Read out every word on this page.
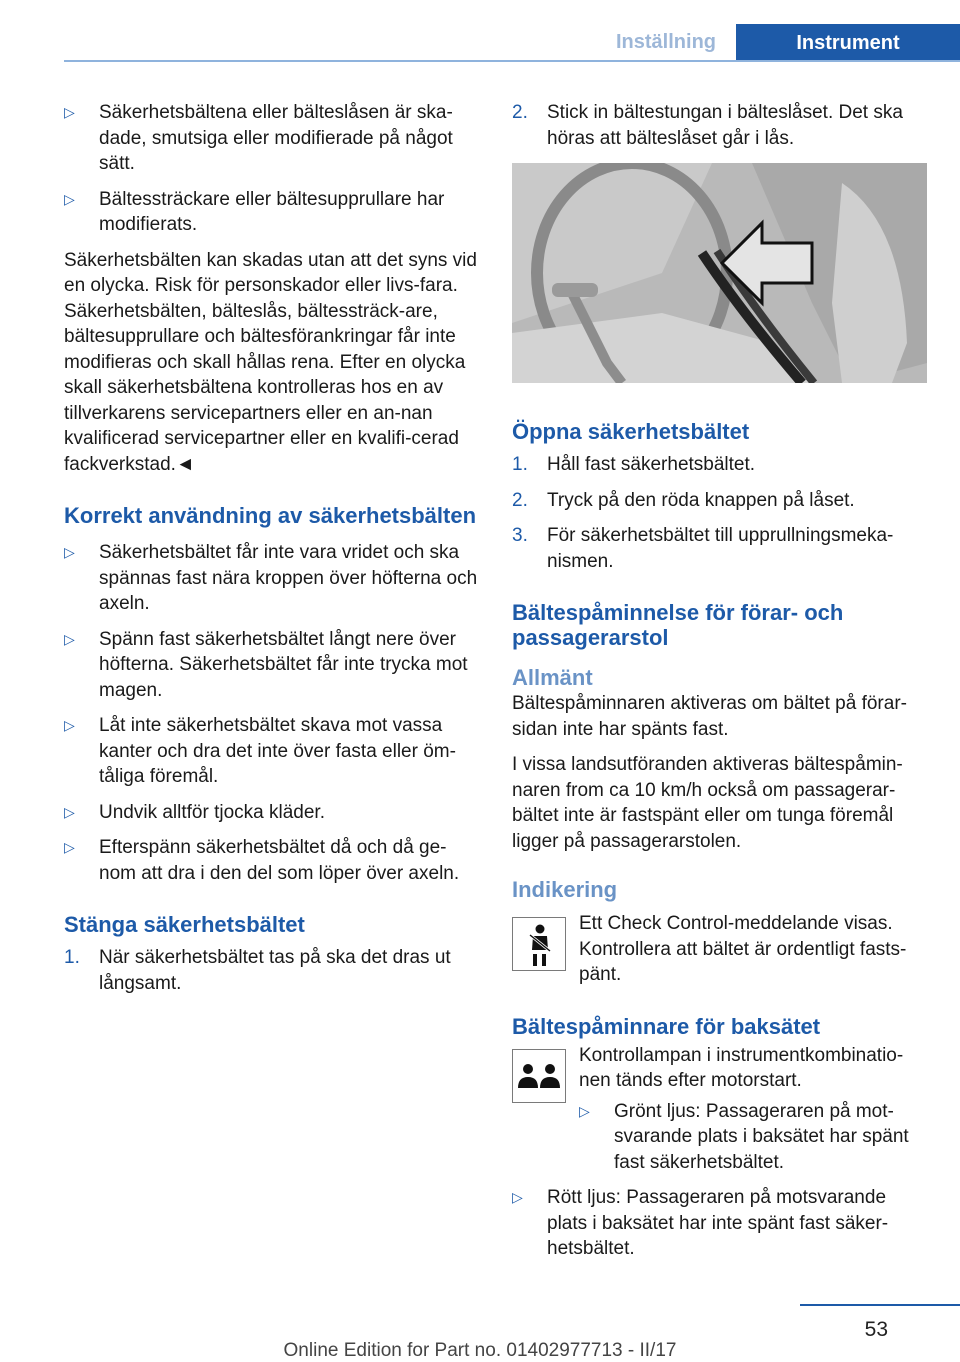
Inställning	Instrument
▷ Säkerhetsbältena eller bälteslåsen är ska-dade, smutsiga eller modifierade på något sätt.
▷ Bältessträckare eller bältesupprullare har modifierats.

Säkerhetsbälten kan skadas utan att det syns vid en olycka. Risk för personskador eller livs-fara. Säkerhetsbälten, bälteslås, bältessträck-are, bältesupprullare och bältesförankringar får inte modifieras och skall hållas rena. Efter en olycka skall säkerhetsbältena kontrolleras hos en av tillverkarens servicepartners eller en an-nan kvalificerad servicepartner eller en kvalifi-cerad fackverkstad.◄

Korrekt användning av säkerhetsbälten
▷ Säkerhetsbältet får inte vara vridet och ska spännas fast nära kroppen över höfterna och axeln.
▷ Spänn fast säkerhetsbältet långt nere över höfterna. Säkerhetsbältet får inte trycka mot magen.
▷ Låt inte säkerhetsbältet skava mot vassa kanter och dra det inte över fasta eller öm-tåliga föremål.
▷ Undvik alltför tjocka kläder.
▷ Efterspänn säkerhetsbältet då och då ge-nom att dra i den del som löper över axeln.
Stänga säkerhetsbältet
1. När säkerhetsbältet tas på ska det dras ut långsamt.
2. Stick in bältestungan i bälteslåset. Det ska höras att bälteslåset går i lås.
Öppna säkerhetsbältet
1. Håll fast säkerhetsbältet.
2. Tryck på den röda knappen på låset.
3. För säkerhetsbältet till upprullningsmeka-nismen.
Bältespåminnelse för förar- och passagerarstol
Allmänt

Bältespåminnaren aktiveras om bältet på förar-sidan inte har spänts fast.

I vissa landsutföranden aktiveras bältespåmin-naren from ca 10 km/h också om passagerar-bältet inte är fastspänt eller om tunga föremål ligger på passagerarstolen.

Indikering

Ett Check Control-meddelande visas. Kontrollera att bältet är ordentligt fasts-pänt.

Bältespåminnare för baksätet

Kontrollampan i instrumentkombinatio-nen tänds efter motorstart.

▷ Grönt ljus: Passageraren på mot-svarande plats i baksätet har spänt fast säkerhetsbältet.
▷ Rött ljus: Passageraren på motsvarande plats i baksätet har inte spänt fast säker-hetsbältet.
53
Online Edition for Part no. 01402977713 - II/17
